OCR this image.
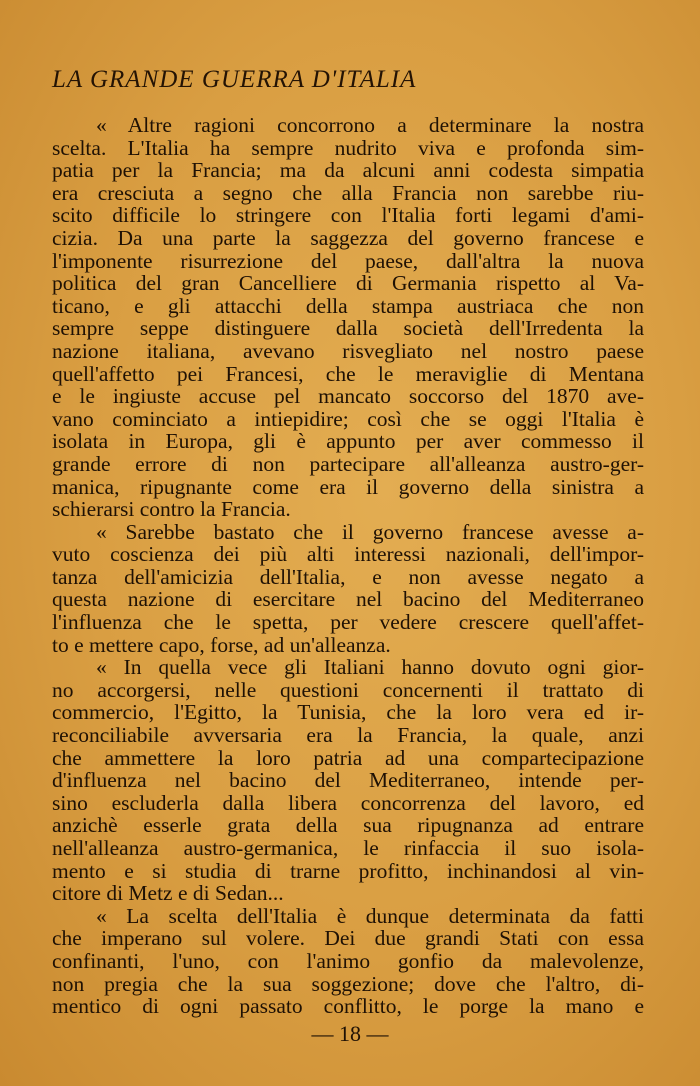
LA GRANDE GUERRA D'ITALIA
« Altre ragioni concorrono a determinare la nostra
scelta. L'Italia ha sempre nudrito viva e profonda sim-
patia per la Francia; ma da alcuni anni codesta simpatia
era cresciuta a segno che alla Francia non sarebbe riu-
scito difficile lo stringere con l'Italia forti legami d'ami-
cizia. Da una parte la saggezza del governo francese e
l'imponente risurrezione del paese, dall'altra la nuova
politica del gran Cancelliere di Germania rispetto al Va-
ticano, e gli attacchi della stampa austriaca che non
sempre seppe distinguere dalla società dell'Irredenta la
nazione italiana, avevano risvegliato nel nostro paese
quell'affetto pei Francesi, che le meraviglie di Mentana
e le ingiuste accuse pel mancato soccorso del 1870 ave-
vano cominciato a intiepidire; così che se oggi l'Italia è
isolata in Europa, gli è appunto per aver commesso il
grande errore di non partecipare all'alleanza austro-ger-
manica, ripugnante come era il governo della sinistra a
schierarsi contro la Francia.
« Sarebbe bastato che il governo francese avesse a-
vuto coscienza dei più alti interessi nazionali, dell'impor-
tanza dell'amicizia dell'Italia, e non avesse negato a
questa nazione di esercitare nel bacino del Mediterraneo
l'influenza che le spetta, per vedere crescere quell'affet-
to e mettere capo, forse, ad un'alleanza.
« In quella vece gli Italiani hanno dovuto ogni gior-
no accorgersi, nelle questioni concernenti il trattato di
commercio, l'Egitto, la Tunisia, che la loro vera ed ir-
reconciliabile avversaria era la Francia, la quale, anzi
che ammettere la loro patria ad una compartecipazione
d'influenza nel bacino del Mediterraneo, intende per-
sino escluderla dalla libera concorrenza del lavoro, ed
anzichè esserle grata della sua ripugnanza ad entrare
nell'alleanza austro-germanica, le rinfaccia il suo isola-
mento e si studia di trarne profitto, inchinandosi al vin-
citore di Metz e di Sedan...
« La scelta dell'Italia è dunque determinata da fatti
che imperano sul volere. Dei due grandi Stati con essa
confinanti, l'uno, con l'animo gonfio da malevolenze,
non pregia che la sua soggezione; dove che l'altro, di-
mentico di ogni passato conflitto, le porge la mano e
— 18 —
